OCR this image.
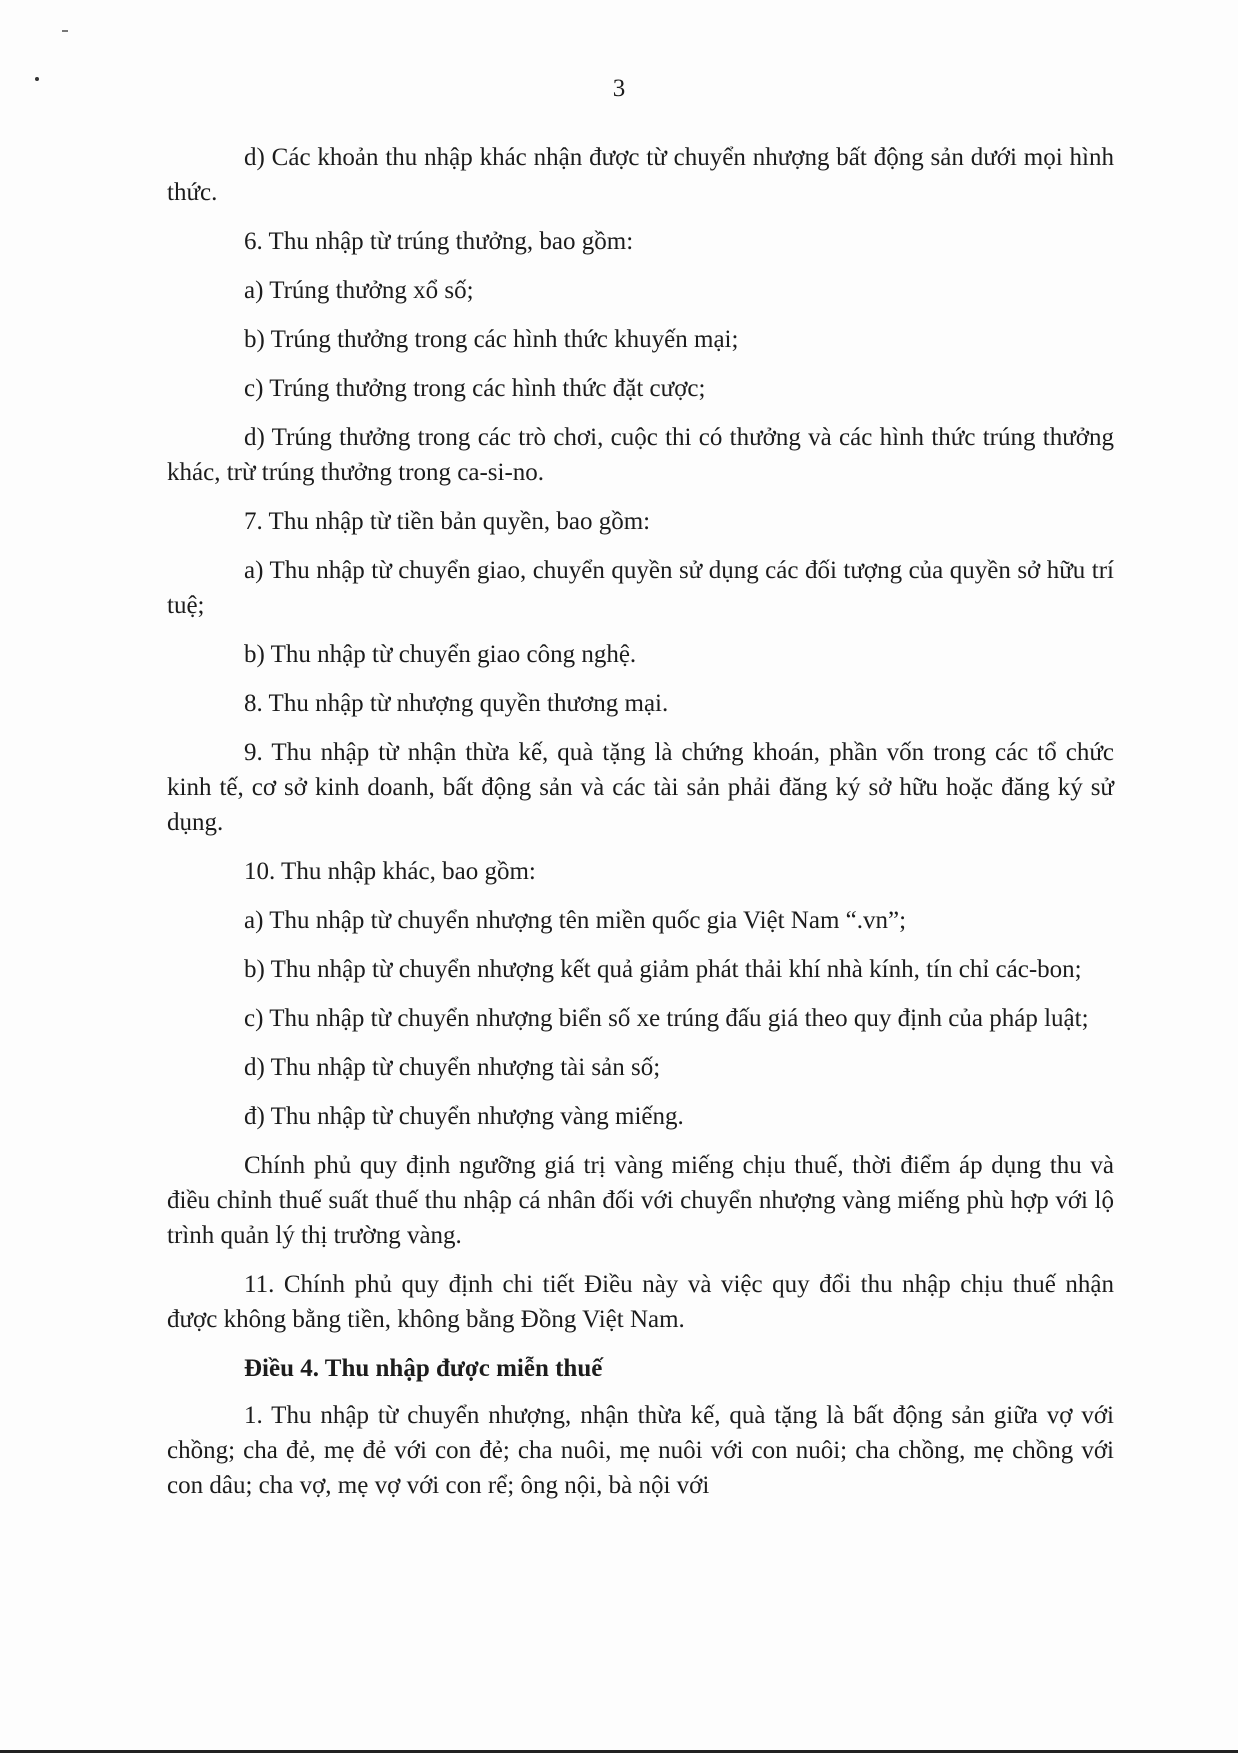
3

d) Các khoản thu nhập khác nhận được từ chuyển nhượng bất động sản dưới mọi hình thức.

6. Thu nhập từ trúng thưởng, bao gồm:

a) Trúng thưởng xổ số;

b) Trúng thưởng trong các hình thức khuyến mại;

c) Trúng thưởng trong các hình thức đặt cược;

d) Trúng thưởng trong các trò chơi, cuộc thi có thưởng và các hình thức trúng thưởng khác, trừ trúng thưởng trong ca-si-no.

7. Thu nhập từ tiền bản quyền, bao gồm:

a) Thu nhập từ chuyển giao, chuyển quyền sử dụng các đối tượng của quyền sở hữu trí tuệ;

b) Thu nhập từ chuyển giao công nghệ.

8. Thu nhập từ nhượng quyền thương mại.

9. Thu nhập từ nhận thừa kế, quà tặng là chứng khoán, phần vốn trong các tổ chức kinh tế, cơ sở kinh doanh, bất động sản và các tài sản phải đăng ký sở hữu hoặc đăng ký sử dụng.

10. Thu nhập khác, bao gồm:

a) Thu nhập từ chuyển nhượng tên miền quốc gia Việt Nam “.vn”;

b) Thu nhập từ chuyển nhượng kết quả giảm phát thải khí nhà kính, tín chỉ các-bon;

c) Thu nhập từ chuyển nhượng biển số xe trúng đấu giá theo quy định của pháp luật;

d) Thu nhập từ chuyển nhượng tài sản số;

đ) Thu nhập từ chuyển nhượng vàng miếng.

Chính phủ quy định ngưỡng giá trị vàng miếng chịu thuế, thời điểm áp dụng thu và điều chỉnh thuế suất thuế thu nhập cá nhân đối với chuyển nhượng vàng miếng phù hợp với lộ trình quản lý thị trường vàng.

11. Chính phủ quy định chi tiết Điều này và việc quy đổi thu nhập chịu thuế nhận được không bằng tiền, không bằng Đồng Việt Nam.

Điều 4. Thu nhập được miễn thuế

1. Thu nhập từ chuyển nhượng, nhận thừa kế, quà tặng là bất động sản giữa vợ với chồng; cha đẻ, mẹ đẻ với con đẻ; cha nuôi, mẹ nuôi với con nuôi; cha chồng, mẹ chồng với con dâu; cha vợ, mẹ vợ với con rể; ông nội, bà nội với
